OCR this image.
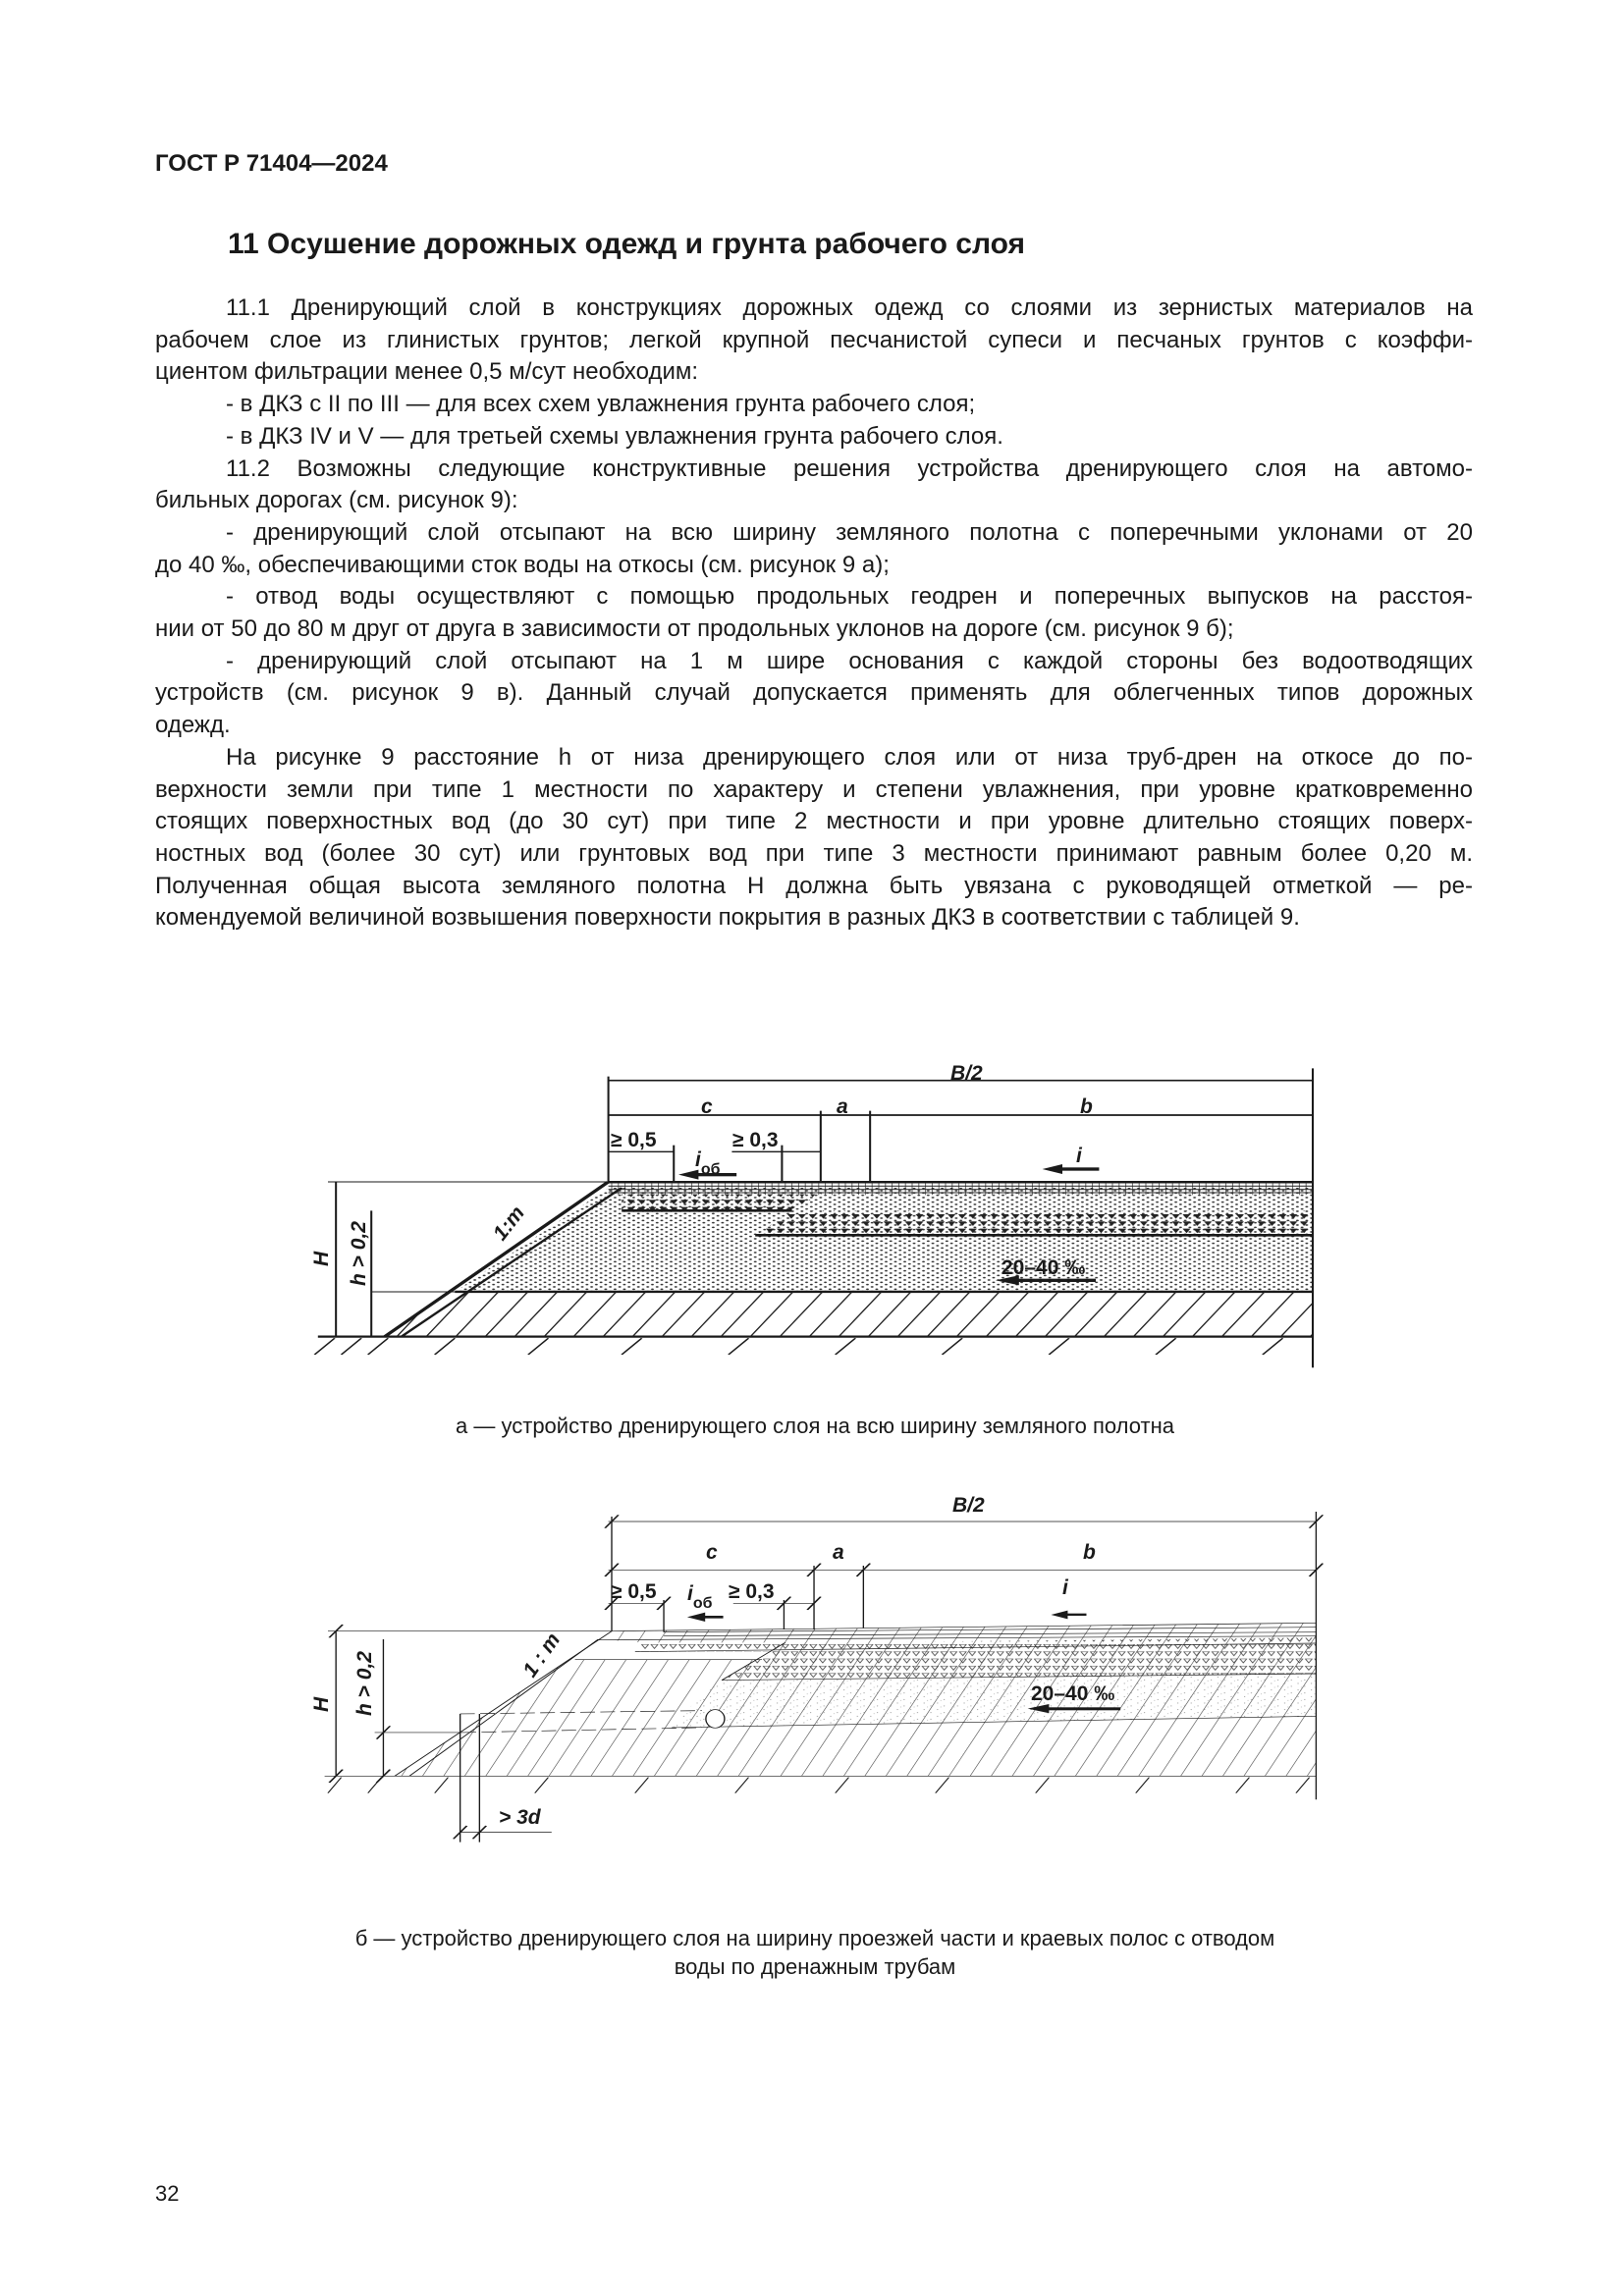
ГОСТ Р 71404—2024
11 Осушение дорожных одежд и грунта рабочего слоя
11.1 Дренирующий слой в конструкциях дорожных одежд со слоями из зернистых материалов на
рабочем слое из глинистых грунтов; легкой крупной песчанистой супеси и песчаных грунтов с коэффи-
циентом фильтрации менее 0,5 м/сут необходим:
- в ДКЗ с II по III — для всех схем увлажнения грунта рабочего слоя;
- в ДКЗ IV и V — для третьей схемы увлажнения грунта рабочего слоя.
11.2 Возможны следующие конструктивные решения устройства дренирующего слоя на автомо-
бильных дорогах (см. рисунок 9):
- дренирующий слой отсыпают на всю ширину земляного полотна с поперечными уклонами от 20
до 40 ‰, обеспечивающими сток воды на откосы (см. рисунок 9 а);
- отвод воды осуществляют с помощью продольных геодрен и поперечных выпусков на расстоя-
нии от 50 до 80 м друг от друга в зависимости от продольных уклонов на дороге (см. рисунок 9 б);
- дренирующий слой отсыпают на 1 м шире основания с каждой стороны без водоотводящих
устройств (см. рисунок 9 в). Данный случай допускается применять для облегченных типов дорожных
одежд.
На рисунке 9 расстояние h от низа дренирующего слоя или от низа труб-дрен на откосе до по-
верхности земли при типе 1 местности по характеру и степени увлажнения, при уровне кратковременно
стоящих поверхностных вод (до 30 сут) при типе 2 местности и при уровне длительно стоящих поверх-
ностных вод (более 30 сут) или грунтовых вод при типе 3 местности принимают равным более 0,20 м.
Полученная общая высота земляного полотна H должна быть увязана с руководящей отметкой — ре-
комендуемой величиной возвышения поверхности покрытия в разных ДКЗ в соответствии с таблицей 9.
B/2
c	a	b
≥ 0,5	≥ 0,3
$i_{об}$
i
20–40 ‰
1:m
H h > 0,2
а — устройство дренирующего слоя на всю ширину земляного полотна
B/2
c	a	b
≥ 0,5	≥ 0,3
$i_{об}$
i
20–40 ‰
1 : m
H h > 0,2
> 3d
б — устройство дренирующего слоя на ширину проезжей части и краевых полос с отводом
воды по дренажным трубам
32
